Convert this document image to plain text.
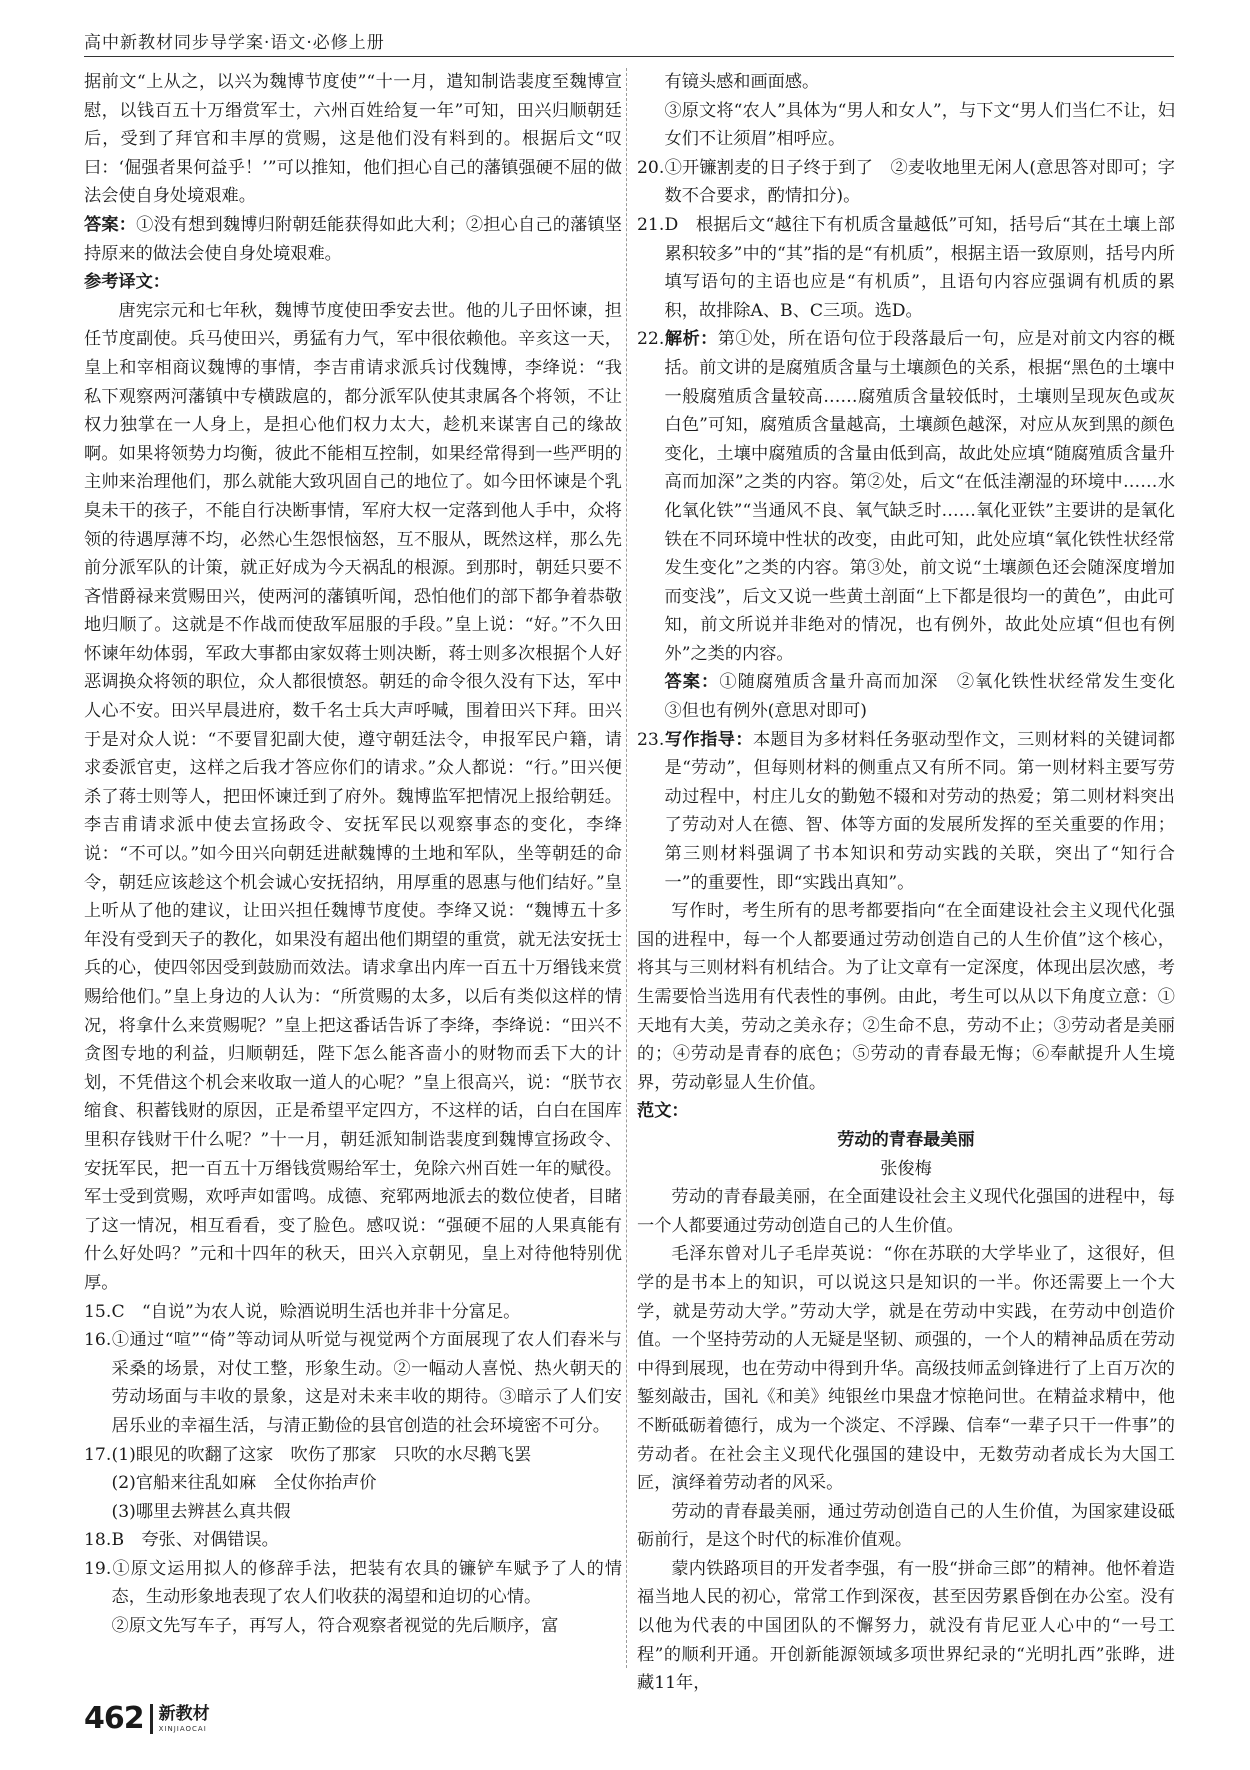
高中新教材同步导学案·语文·必修上册

据前文“上从之，以兴为魏博节度使”“十一月，遣知制诰裴度至魏博宣慰，以钱百五十万缗赏军士，六州百姓给复一年”可知，田兴归顺朝廷后，受到了拜官和丰厚的赏赐，这是他们没有料到的。根据后文“叹曰：‘倔强者果何益乎！’”可以推知，他们担心自己的藩镇强硬不屈的做法会使自身处境艰难。

答案：①没有想到魏博归附朝廷能获得如此大利；②担心自己的藩镇坚持原来的做法会使自身处境艰难。

参考译文：

唐宪宗元和七年秋，魏博节度使田季安去世。他的儿子田怀谏，担任节度副使。兵马使田兴，勇猛有力气，军中很依赖他。辛亥这一天，皇上和宰相商议魏博的事情，李吉甫请求派兵讨伐魏博，李绛说：“我私下观察两河藩镇中专横跋扈的，都分派军队使其隶属各个将领，不让权力独掌在一人身上，是担心他们权力太大，趁机来谋害自己的缘故啊。如果将领势力均衡，彼此不能相互控制，如果经常得到一些严明的主帅来治理他们，那么就能大致巩固自己的地位了。如今田怀谏是个乳臭未干的孩子，不能自行决断事情，军府大权一定落到他人手中，众将领的待遇厚薄不均，必然心生怨恨恼怒，互不服从，既然这样，那么先前分派军队的计策，就正好成为今天祸乱的根源。到那时，朝廷只要不吝惜爵禄来赏赐田兴，使两河的藩镇听闻，恐怕他们的部下都争着恭敬地归顺了。这就是不作战而使敌军屈服的手段。”皇上说：“好。”不久田怀谏年幼体弱，军政大事都由家奴蒋士则决断，蒋士则多次根据个人好恶调换众将领的职位，众人都很愤怒。朝廷的命令很久没有下达，军中人心不安。田兴早晨进府，数千名士兵大声呼喊，围着田兴下拜。田兴于是对众人说：“不要冒犯副大使，遵守朝廷法令，申报军民户籍，请求委派官吏，这样之后我才答应你们的请求。”众人都说：“行。”田兴便杀了蒋士则等人，把田怀谏迁到了府外。魏博监军把情况上报给朝廷。李吉甫请求派中使去宣扬政令、安抚军民以观察事态的变化，李绛说：“不可以。”如今田兴向朝廷进献魏博的土地和军队，坐等朝廷的命令，朝廷应该趁这个机会诚心安抚招纳，用厚重的恩惠与他们结好。”皇上听从了他的建议，让田兴担任魏博节度使。李绛又说：“魏博五十多年没有受到天子的教化，如果没有超出他们期望的重赏，就无法安抚士兵的心，使四邻因受到鼓励而效法。请求拿出内库一百五十万缗钱来赏赐给他们。”皇上身边的人认为：“所赏赐的太多，以后有类似这样的情况，将拿什么来赏赐呢？”皇上把这番话告诉了李绛，李绛说：“田兴不贪图专地的利益，归顺朝廷，陛下怎么能吝啬小的财物而丢下大的计划，不凭借这个机会来收取一道人的心呢？”皇上很高兴，说：“朕节衣缩食、积蓄钱财的原因，正是希望平定四方，不这样的话，白白在国库里积存钱财干什么呢？”十一月，朝廷派知制诰裴度到魏博宣扬政令、安抚军民，把一百五十万缗钱赏赐给军士，免除六州百姓一年的赋役。军士受到赏赐，欢呼声如雷鸣。成德、兖郓两地派去的数位使者，目睹了这一情况，相互看看，变了脸色。感叹说：“强硬不屈的人果真能有什么好处吗？”元和十四年的秋天，田兴入京朝见，皇上对待他特别优厚。

15.C　“自说”为农人说，赊酒说明生活也并非十分富足。

16.①通过“喧”“倚”等动词从听觉与视觉两个方面展现了农人们舂米与采桑的场景，对仗工整，形象生动。②一幅动人喜悦、热火朝天的劳动场面与丰收的景象，这是对未来丰收的期待。③暗示了人们安居乐业的幸福生活，与清正勤俭的县官创造的社会环境密不可分。

17.(1)眼见的吹翻了这家　吹伤了那家　只吹的水尽鹅飞罢

(2)官船来往乱如麻　全仗你抬声价

(3)哪里去辨甚么真共假

18.B　夸张、对偶错误。

19.①原文运用拟人的修辞手法，把装有农具的镰铲车赋予了人的情态，生动形象地表现了农人们收获的渴望和迫切的心情。

②原文先写车子，再写人，符合观察者视觉的先后顺序，富

有镜头感和画面感。

③原文将“农人”具体为“男人和女人”，与下文“男人们当仁不让，妇女们不让须眉”相呼应。

20.①开镰割麦的日子终于到了　②麦收地里无闲人(意思答对即可；字数不合要求，酌情扣分)。

21.D　根据后文“越往下有机质含量越低”可知，括号后“其在土壤上部累积较多”中的“其”指的是“有机质”，根据主语一致原则，括号内所填写语句的主语也应是“有机质”，且语句内容应强调有机质的累积，故排除A、B、C三项。选D。

22.解析：第①处，所在语句位于段落最后一句，应是对前文内容的概括。前文讲的是腐殖质含量与土壤颜色的关系，根据“黑色的土壤中一般腐殖质含量较高……腐殖质含量较低时，土壤则呈现灰色或灰白色”可知，腐殖质含量越高，土壤颜色越深，对应从灰到黑的颜色变化，土壤中腐殖质的含量由低到高，故此处应填“随腐殖质含量升高而加深”之类的内容。第②处，后文“在低洼潮湿的环境中……水化氧化铁”“当通风不良、氧气缺乏时……氧化亚铁”主要讲的是氧化铁在不同环境中性状的改变，由此可知，此处应填“氧化铁性状经常发生变化”之类的内容。第③处，前文说“土壤颜色还会随深度增加而变浅”，后文又说一些黄土剖面“上下都是很均一的黄色”，由此可知，前文所说并非绝对的情况，也有例外，故此处应填“但也有例外”之类的内容。

答案：①随腐殖质含量升高而加深　②氧化铁性状经常发生变化　③但也有例外(意思对即可)

23.写作指导：本题目为多材料任务驱动型作文，三则材料的关键词都是“劳动”，但每则材料的侧重点又有所不同。第一则材料主要写劳动过程中，村庄儿女的勤勉不辍和对劳动的热爱；第二则材料突出了劳动对人在德、智、体等方面的发展所发挥的至关重要的作用；第三则材料强调了书本知识和劳动实践的关联，突出了“知行合一”的重要性，即“实践出真知”。

写作时，考生所有的思考都要指向“在全面建设社会主义现代化强国的进程中，每一个人都要通过劳动创造自己的人生价值”这个核心，将其与三则材料有机结合。为了让文章有一定深度，体现出层次感，考生需要恰当选用有代表性的事例。由此，考生可以从以下角度立意：①天地有大美，劳动之美永存；②生命不息，劳动不止；③劳动者是美丽的；④劳动是青春的底色；⑤劳动的青春最无悔；⑥奉献提升人生境界，劳动彰显人生价值。

范文：

劳动的青春最美丽

张俊梅

劳动的青春最美丽，在全面建设社会主义现代化强国的进程中，每一个人都要通过劳动创造自己的人生价值。

毛泽东曾对儿子毛岸英说：“你在苏联的大学毕业了，这很好，但学的是书本上的知识，可以说这只是知识的一半。你还需要上一个大学，就是劳动大学。”劳动大学，就是在劳动中实践，在劳动中创造价值。一个坚持劳动的人无疑是坚韧、顽强的，一个人的精神品质在劳动中得到展现，也在劳动中得到升华。高级技师孟剑锋进行了上百万次的錾刻敲击，国礼《和美》纯银丝巾果盘才惊艳问世。在精益求精中，他不断砥砺着德行，成为一个淡定、不浮躁、信奉“一辈子只干一件事”的劳动者。在社会主义现代化强国的建设中，无数劳动者成长为大国工匠，演绎着劳动者的风采。

劳动的青春最美丽，通过劳动创造自己的人生价值，为国家建设砥砺前行，是这个时代的标准价值观。

蒙内铁路项目的开发者李强，有一股“拼命三郎”的精神。他怀着造福当地人民的初心，常常工作到深夜，甚至因劳累昏倒在办公室。没有以他为代表的中国团队的不懈努力，就没有肯尼亚人心中的“一号工程”的顺利开通。开创新能源领域多项世界纪录的“光明扎西”张晔，进藏11年，

462 新教材
XINJIAOCAI
